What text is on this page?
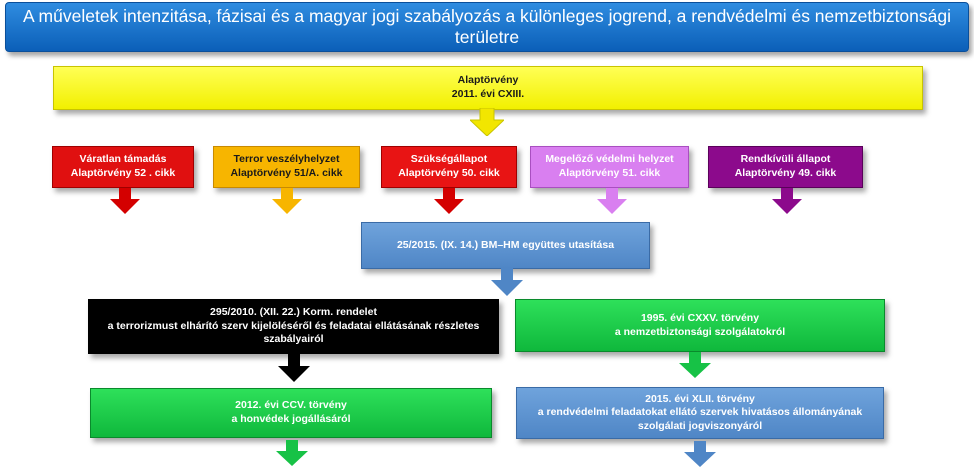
A műveletek intenzitása, fázisai és a magyar jogi szabályozás a különleges jogrend, a rendvédelmi és nemzetbiztonsági területre
Alaptörvény
2011. évi CXIII.
Váratlan támadás
Alaptörvény 52 . cikk
Terror veszélyhelyzet
Alaptörvény 51/A. cikk
Szükségállapot
Alaptörvény 50. cikk
Megelőző védelmi helyzet
Alaptörvény 51. cikk
Rendkívüli állapot
Alaptörvény 49. cikk
25/2015. (IX. 14.) BM–HM együttes utasítása
295/2010. (XII. 22.) Korm. rendelet
a terrorizmust elhárító szerv kijelöléséről és feladatai ellátásának részletes
szabályairól
1995. évi CXXV. törvény
a nemzetbiztonsági szolgálatokról
2012. évi CCV. törvény
a honvédek jogállásáról
2015. évi XLII. törvény
a rendvédelmi feladatokat ellátó szervek hivatásos állományának
szolgálati jogviszonyáról
